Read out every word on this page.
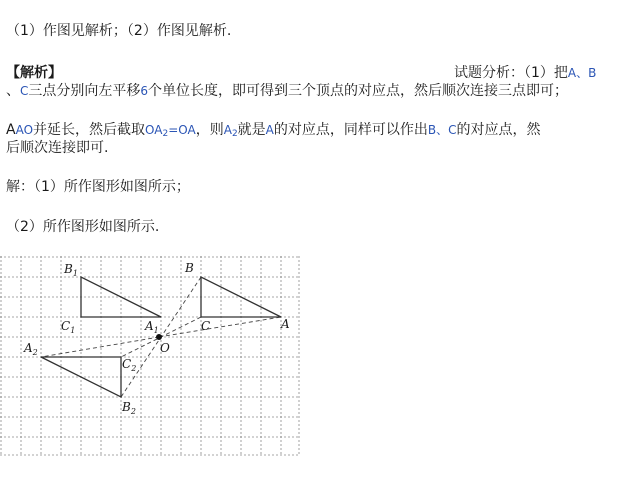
（1）作图见解析；（2）作图见解析.
【解析】	试题分析：（1）把A、B
、C三点分别向左平移6个单位长度，即可得到三个顶点的对应点，然后顺次连接三点即可；
AAO并延长，然后截取$OA_2=OA$，则$A_2$就是A的对应点，同样可以作出B、C的对应点，然
后顺次连接即可.
解：（1）所作图形如图所示；
（2）所作图形如图所示.
$B_1$
$C_1$	$A_1$
B
C	A
O
$A_2$
$C_2$
$B_2$
